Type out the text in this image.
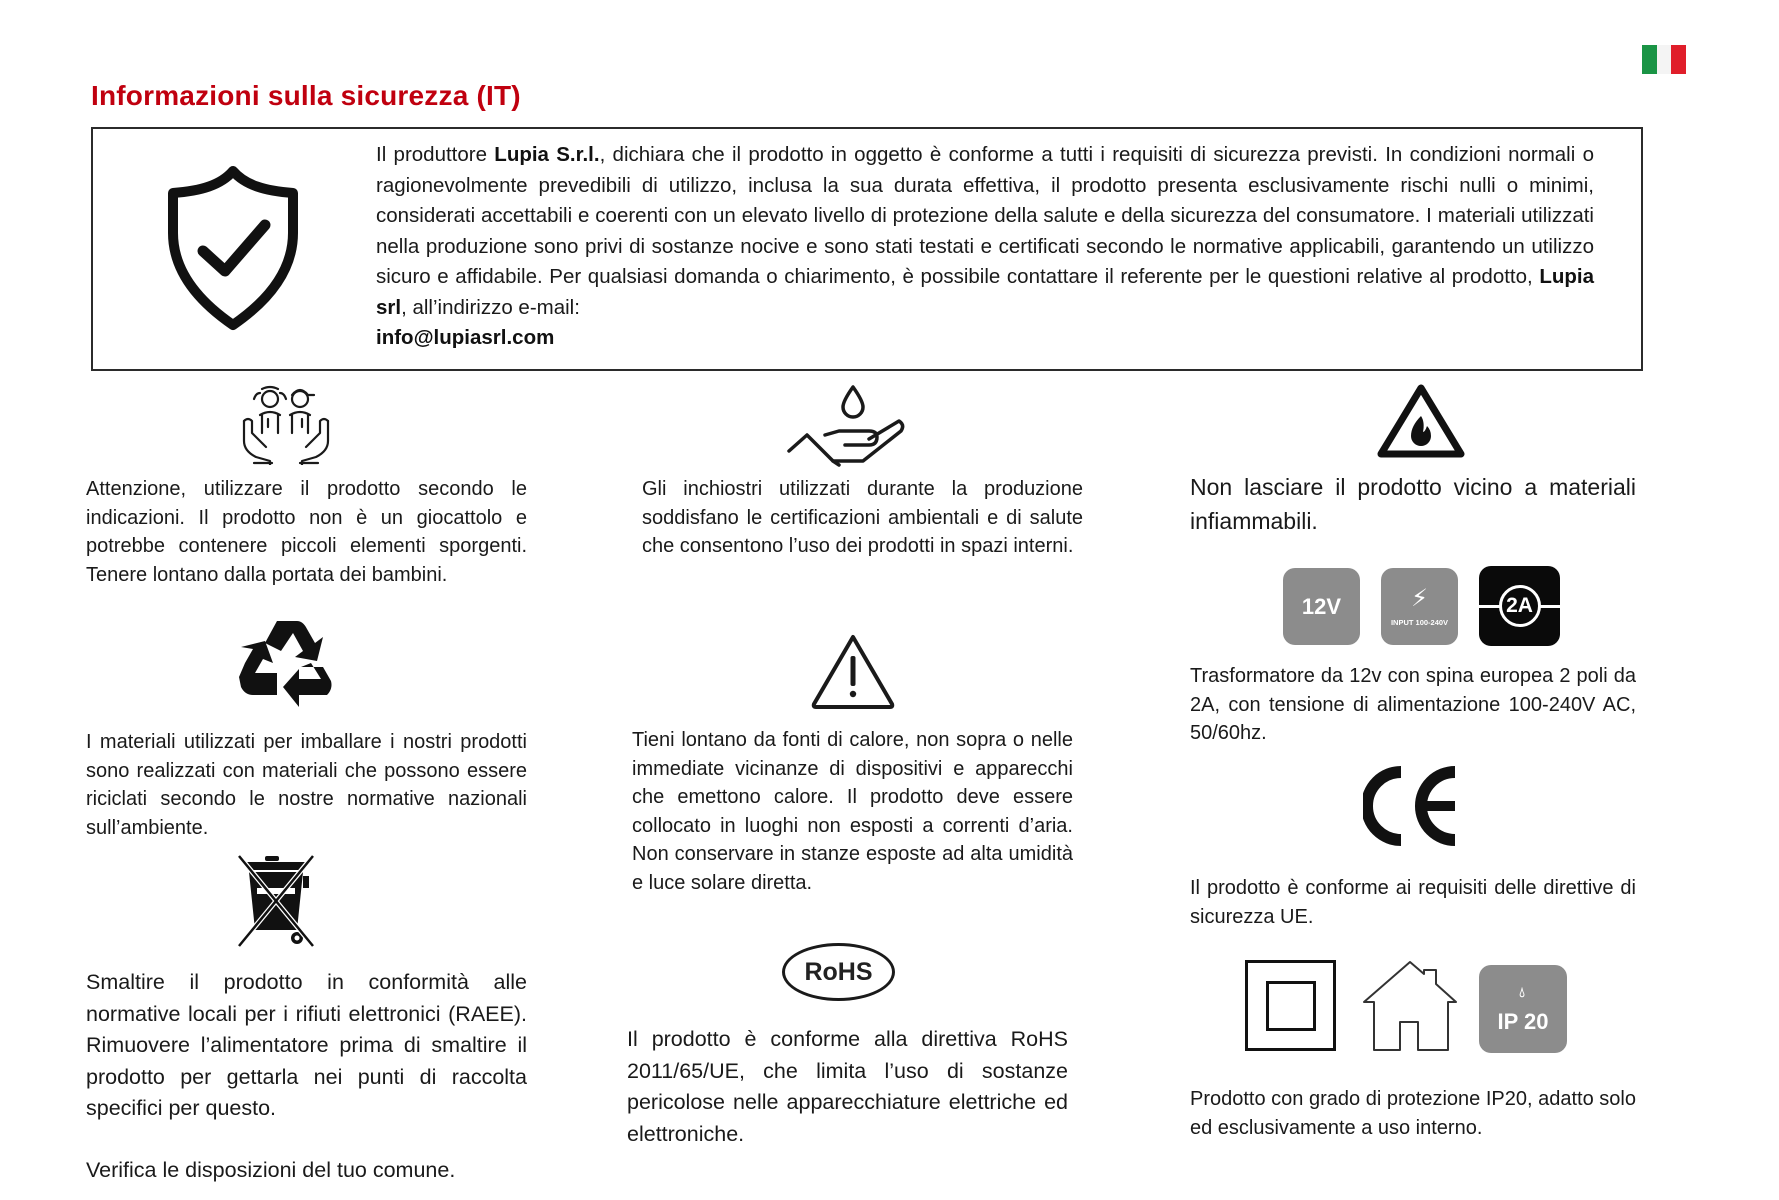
Informazioni sulla sicurezza (IT)

Il produttore Lupia S.r.l., dichiara che il prodotto in oggetto è conforme a tutti i requisiti di sicurezza previsti. In condizioni normali o ragionevolmente prevedibili di utilizzo, inclusa la sua durata effettiva, il prodotto presenta esclusivamente rischi nulli o minimi, considerati accettabili e coerenti con un elevato livello di protezione della salute e della sicurezza del consumatore. I materiali utilizzati nella produzione sono privi di sostanze nocive e sono stati testati e certificati secondo le normative applicabili, garantendo un utilizzo sicuro e affidabile. Per qualsiasi domanda o chiarimento, è possibile contattare il referente per le questioni relative al prodotto, Lupia srl, all’indirizzo e-mail:
info@lupiasrl.com

Attenzione, utilizzare il prodotto secondo le indicazioni. Il prodotto non è un giocattolo e potrebbe contenere piccoli elementi sporgenti. Tenere lontano dalla portata dei bambini.

I materiali utilizzati per imballare i nostri prodotti sono realizzati con materiali che possono essere riciclati secondo le nostre normative nazionali sull’ambiente.

Smaltire il prodotto in conformità alle normative locali per i rifiuti elettronici (RAEE). Rimuovere l’alimentatore prima di smaltire il prodotto per gettarla nei punti di raccolta specifici per questo.

Verifica le disposizioni del tuo comune.

Gli inchiostri utilizzati durante la produzione soddisfano le certificazioni ambientali e di salute che consentono l’uso dei prodotti in spazi interni.

Tieni lontano da fonti di calore, non sopra o nelle immediate vicinanze di dispositivi e apparecchi che emettono calore. Il prodotto deve essere collocato in luoghi non esposti a correnti d’aria. Non conservare in stanze esposte ad alta umidità e luce solare diretta.

RoHS

Il prodotto è conforme alla direttiva RoHS 2011/65/UE, che limita l’uso di sostanze pericolose nelle apparecchiature elettriche ed elettroniche.

Non lasciare il prodotto vicino a materiali infiammabili.

12V	⚡︎
INPUT 100-240V
2A

Trasformatore da 12v con spina europea 2 poli da 2A, con tensione di alimentazione 100-240V AC, 50/60hz.

Il prodotto è conforme ai requisiti delle direttive di sicurezza UE.

💧︎
IP 20

Prodotto con grado di protezione IP20, adatto solo ed esclusivamente a uso interno.
